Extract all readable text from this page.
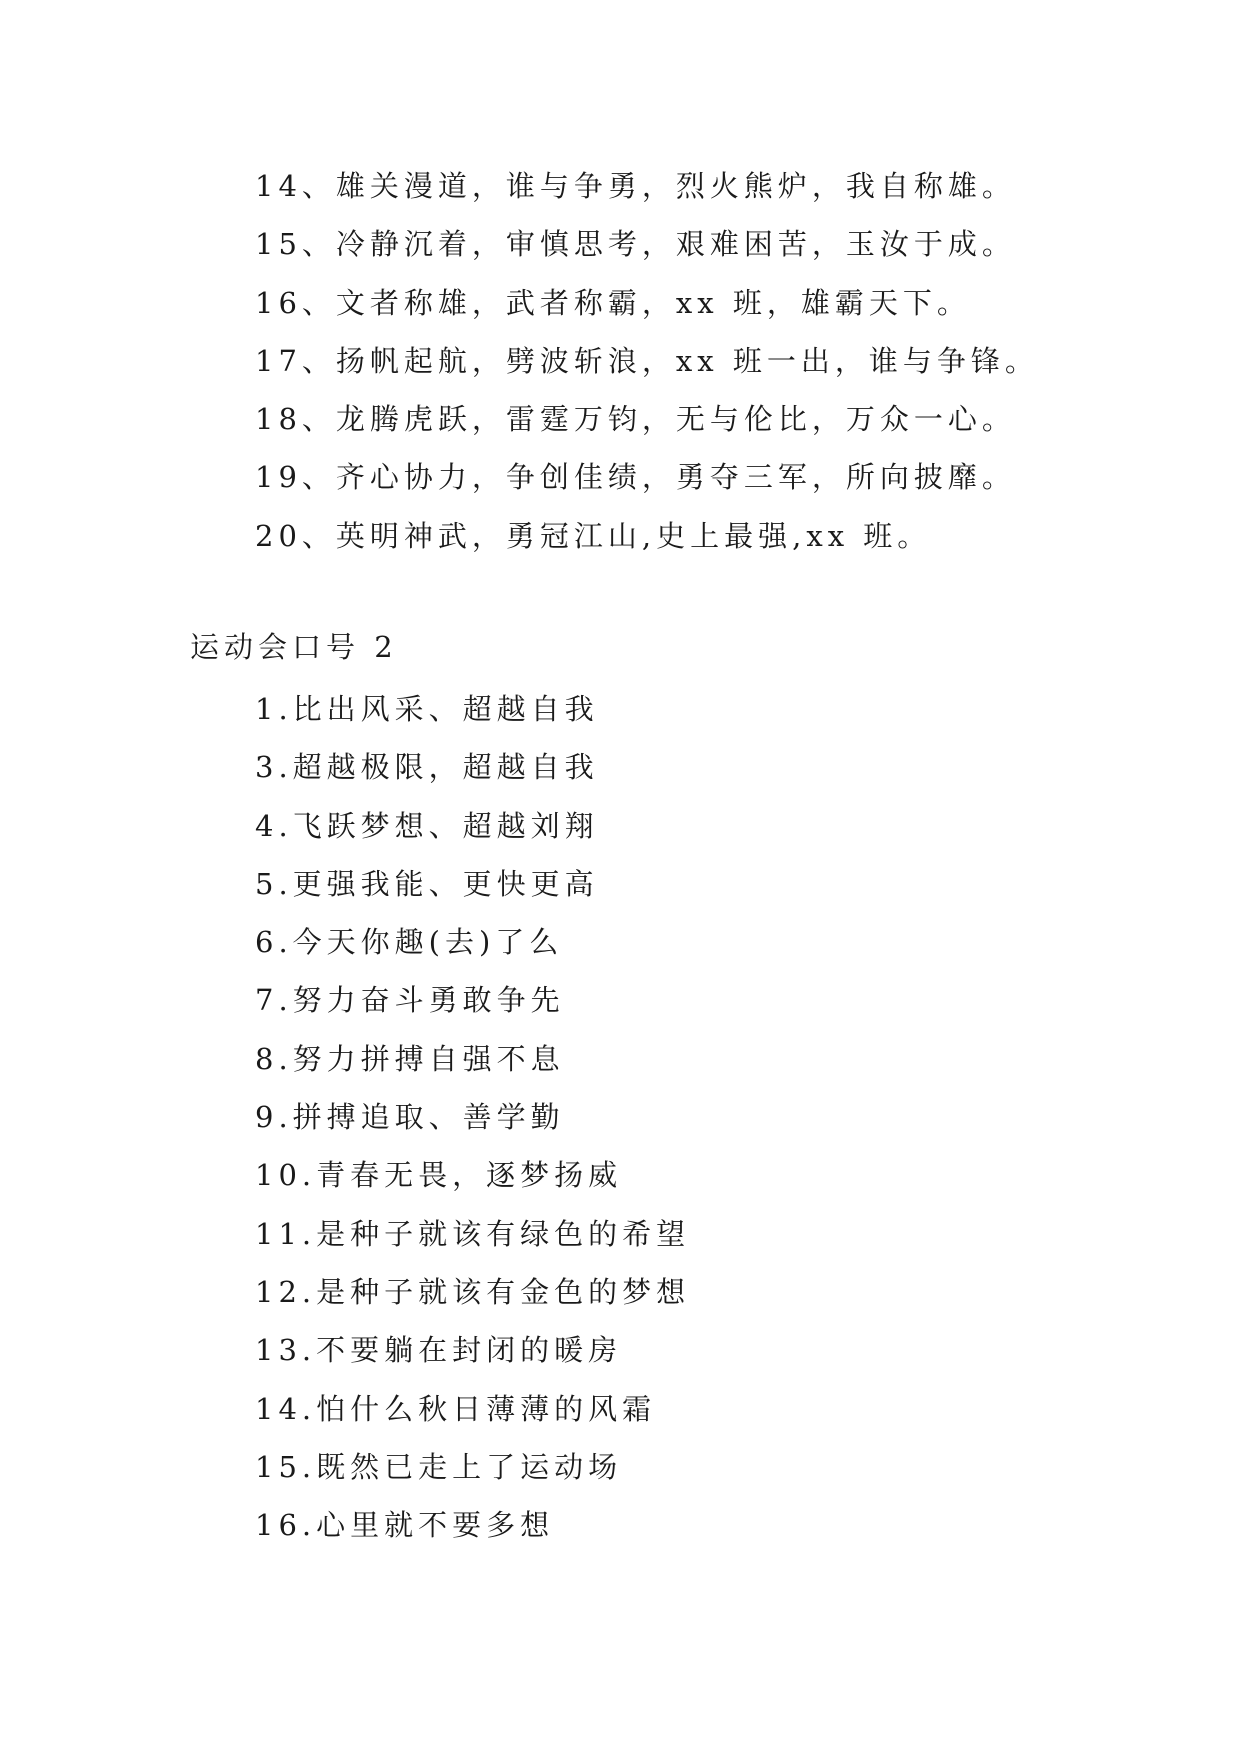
14、雄关漫道，谁与争勇，烈火熊炉，我自称雄。
15、冷静沉着，审慎思考，艰难困苦，玉汝于成。
16、文者称雄，武者称霸，xx 班，雄霸天下。
17、扬帆起航，劈波斩浪，xx 班一出，谁与争锋。
18、龙腾虎跃，雷霆万钧，无与伦比，万众一心。
19、齐心协力，争创佳绩，勇夺三军，所向披靡。
20、英明神武，勇冠江山,史上最强,xx 班。
运动会口号 2
1.比出风采、超越自我
3.超越极限，超越自我
4.飞跃梦想、超越刘翔
5.更强我能、更快更高
6.今天你趣(去)了么
7.努力奋斗勇敢争先
8.努力拼搏自强不息
9.拼搏追取、善学勤
10.青春无畏，逐梦扬威
11.是种子就该有绿色的希望
12.是种子就该有金色的梦想
13.不要躺在封闭的暖房
14.怕什么秋日薄薄的风霜
15.既然已走上了运动场
16.心里就不要多想
